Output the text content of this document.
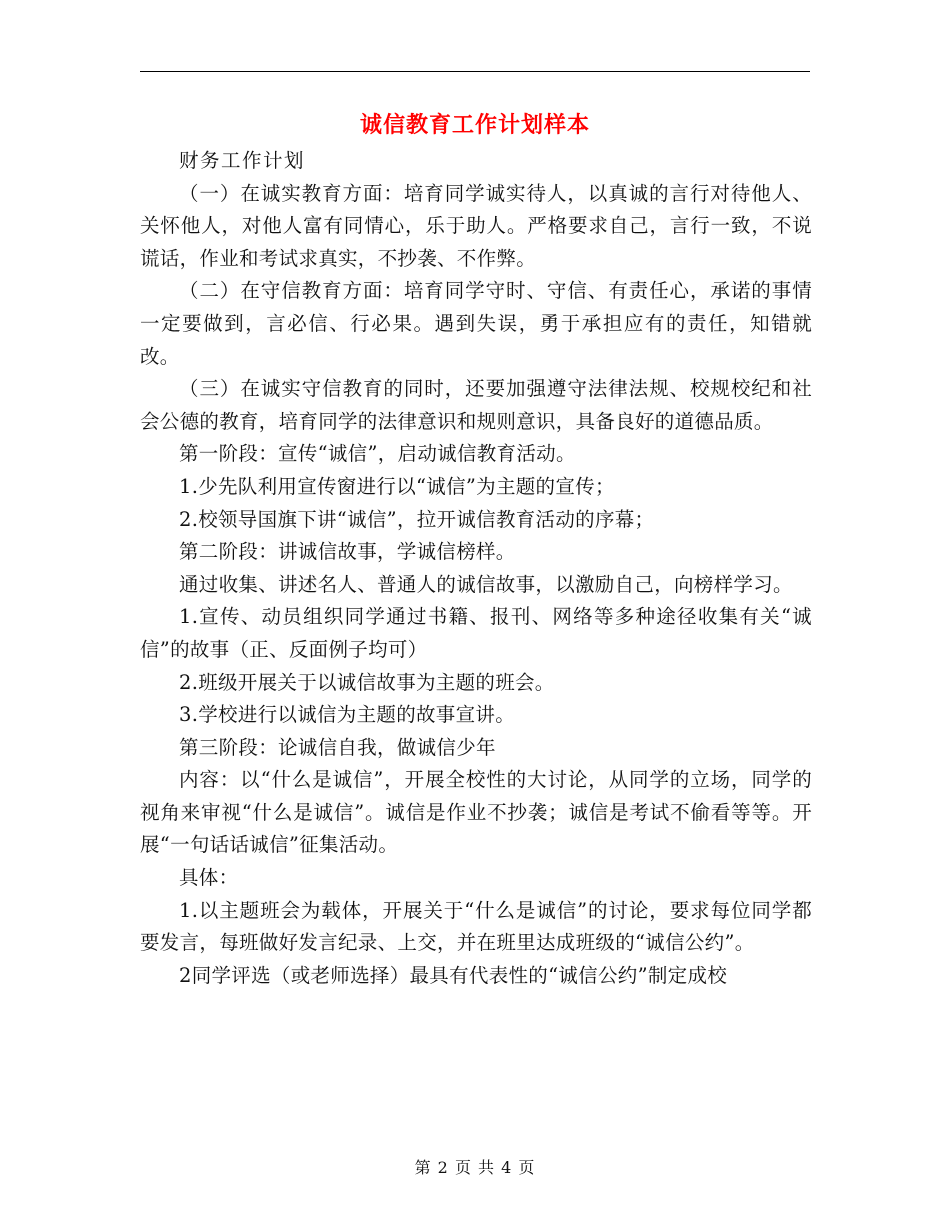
诚信教育工作计划样本

财务工作计划

（一）在诚实教育方面：培育同学诚实待人，以真诚的言行对待他人、关怀他人，对他人富有同情心，乐于助人。严格要求自己，言行一致，不说谎话，作业和考试求真实，不抄袭、不作弊。

（二）在守信教育方面：培育同学守时、守信、有责任心，承诺的事情一定要做到，言必信、行必果。遇到失误，勇于承担应有的责任，知错就改。

（三）在诚实守信教育的同时，还要加强遵守法律法规、校规校纪和社会公德的教育，培育同学的法律意识和规则意识，具备良好的道德品质。

第一阶段：宣传“诚信”，启动诚信教育活动。

1.少先队利用宣传窗进行以“诚信”为主题的宣传；

2.校领导国旗下讲“诚信”，拉开诚信教育活动的序幕；

第二阶段：讲诚信故事，学诚信榜样。

通过收集、讲述名人、普通人的诚信故事，以激励自己，向榜样学习。

1.宣传、动员组织同学通过书籍、报刊、网络等多种途径收集有关“诚信”的故事（正、反面例子均可）

2.班级开展关于以诚信故事为主题的班会。

3.学校进行以诚信为主题的故事宣讲。

第三阶段：论诚信自我，做诚信少年

内容：以“什么是诚信”，开展全校性的大讨论，从同学的立场，同学的视角来审视“什么是诚信”。诚信是作业不抄袭；诚信是考试不偷看等等。开展“一句话话诚信”征集活动。

具体：

1.以主题班会为载体，开展关于“什么是诚信”的讨论，要求每位同学都要发言，每班做好发言纪录、上交，并在班里达成班级的“诚信公约”。

2同学评选（或老师选择）最具有代表性的“诚信公约”制定成校

第 2 页 共 4 页
